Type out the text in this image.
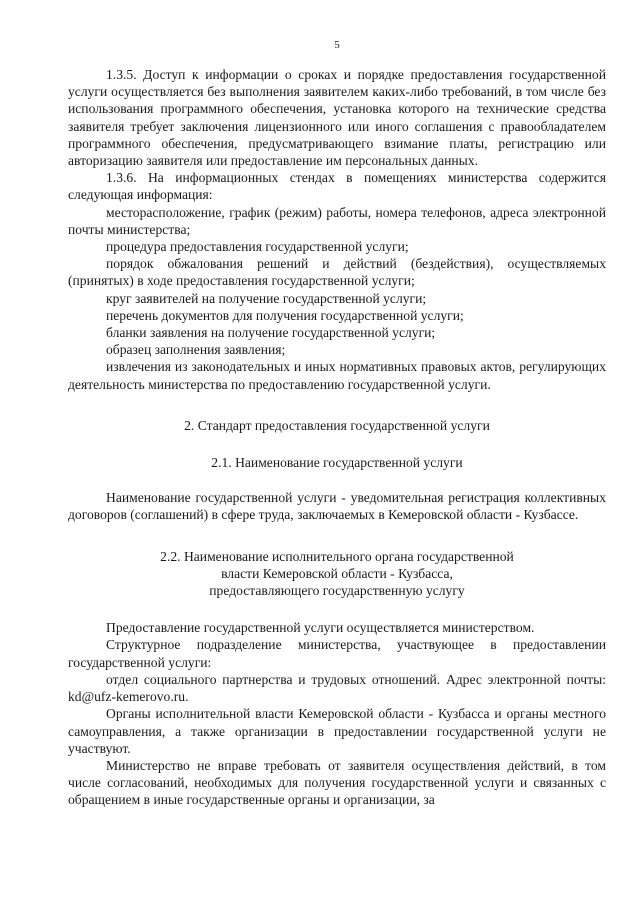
5

1.3.5. Доступ к информации о сроках и порядке предоставления государственной услуги осуществляется без выполнения заявителем каких-либо требований, в том числе без использования программного обеспечения, установка которого на технические средства заявителя требует заключения лицензионного или иного соглашения с правообладателем программного обеспечения, предусматривающего взимание платы, регистрацию или авторизацию заявителя или предоставление им персональных данных.

1.3.6. На информационных стендах в помещениях министерства содержится следующая информация:

месторасположение, график (режим) работы, номера телефонов, адреса электронной почты министерства;

процедура предоставления государственной услуги;

порядок обжалования решений и действий (бездействия), осуществляемых (принятых) в ходе предоставления государственной услуги;

круг заявителей на получение государственной услуги;

перечень документов для получения государственной услуги;

бланки заявления на получение государственной услуги;

образец заполнения заявления;

извлечения из законодательных и иных нормативных правовых актов, регулирующих деятельность министерства по предоставлению государственной услуги.

2. Стандарт предоставления государственной услуги
2.1. Наименование государственной услуги

Наименование государственной услуги - уведомительная регистрация коллективных договоров (соглашений) в сфере труда, заключаемых в Кемеровской области - Кузбассе.

2.2. Наименование исполнительного органа государственной
власти Кемеровской области - Кузбасса,
предоставляющего государственную услугу

Предоставление государственной услуги осуществляется министерством.

Структурное подразделение министерства, участвующее в предоставлении государственной услуги:

отдел социального партнерства и трудовых отношений. Адрес электронной почты: kd@ufz-kemerovo.ru.

Органы исполнительной власти Кемеровской области - Кузбасса и органы местного самоуправления, а также организации в предоставлении государственной услуги не участвуют.

Министерство не вправе требовать от заявителя осуществления действий, в том числе согласований, необходимых для получения государственной услуги и связанных с обращением в иные государственные органы и организации, за
